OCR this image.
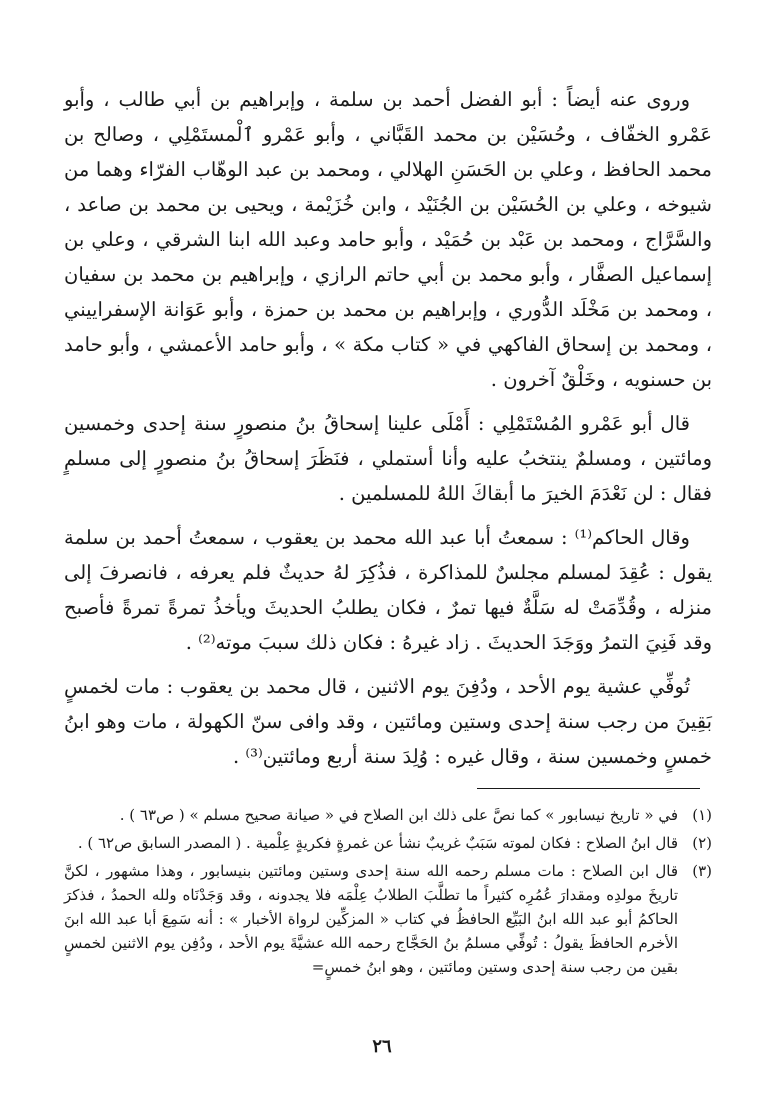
وروى عنه أيضاً : أبو الفضل أحمد بن سلمة ، وإبراهيم بن أبي طالب ، وأبو عَمْرو الخفّاف ، وحُسَيْن بن محمد القَبَّاني ، وأبو عَمْرو ٱلْمستَمْلِي ، وصالح بن محمد الحافظ ، وعلي بن الحَسَنِ الهلالي ، ومحمد بن عبد الوهّاب الفرّاء وهما من شيوخه ، وعلي بن الحُسَيْن بن الجُنَيْد ، وابن خُزَيْمة ، ويحيى بن محمد بن صاعد ، والسَّرَّاج ، ومحمد بن عَبْد بن حُمَيْد ، وأبو حامد وعبد الله ابنا الشرقي ، وعلي بن إسماعيل الصفَّار ، وأبو محمد بن أبي حاتم الرازي ، وإبراهيم بن محمد بن سفيان ، ومحمد بن مَخْلَد الدُّوري ، وإبراهيم بن محمد بن حمزة ، وأبو عَوَانة الإسفراييني ، ومحمد بن إسحاق الفاكهي في « كتاب مكة » ، وأبو حامد الأعمشي ، وأبو حامد بن حسنويه ، وخَلْقٌ آخرون .

قال أبو عَمْرو المُسْتَمْلِي : أَمْلَى علينا إسحاقُ بنُ منصورٍ سنة إحدى وخمسين ومائتين ، ومسلمٌ ينتخبُ عليه وأنا أستملي ، فنَظَرَ إسحاقُ بنُ منصورٍ إلى مسلمٍ فقال : لن نَعْدَمَ الخيرَ ما أبقاكَ اللهُ للمسلمين .

وقال الحاكم⁽¹⁾ : سمعتُ أبا عبد الله محمد بن يعقوب ، سمعتُ أحمد بن سلمة يقول : عُقِدَ لمسلم مجلسٌ للمذاكرة ، فذُكِرَ لهُ حديثٌ فلم يعرفه ، فانصرفَ إلى منزله ، وقُدِّمَتْ له سَلَّةٌ فيها تمرٌ ، فكان يطلبُ الحديثَ ويأخذُ تمرةً تمرةً فأصبح وقد فَنِيَ التمرُ ووَجَدَ الحديثَ . زاد غيرهُ : فكان ذلك سببَ موته⁽²⁾ .

تُوفِّي عشية يوم الأحد ، ودُفِنَ يوم الاثنين ، قال محمد بن يعقوب : مات لخمسٍ بَقِينَ من رجب سنة إحدى وستين ومائتين ، وقد وافى سنّ الكهولة ، مات وهو ابنُ خمسٍ وخمسين سنة ، وقال غيره : وُلِدَ سنة أربع ومائتين⁽³⁾ .

(١)
في « تاريخ نيسابور » كما نصَّ على ذلك ابن الصلاح في « صيانة صحيح مسلم » ( ص٦٣ ) .
(٢)
قال ابنُ الصلاح : فكان لموته سَبَبٌ غريبٌ نشأ عن غمرةٍ فكريةٍ عِلْمية . ( المصدر السابق ص٦٢ ) .
(٣)
قال ابن الصلاح : مات مسلم رحمه الله سنة إحدى وستين ومائتين بنيسابور ، وهذا مشهور ، لكنَّ تاريخَ مولدِه ومقدارَ عُمُرِه كثيراً ما تطلَّبَ الطلابُ عِلْمَه فلا يجدونه ، وقد وَجَدْنَاه ولله الحمدُ ، فذكرَ الحاكمُ أبو عبد الله ابنُ البَيِّع الحافظُ في كتاب « المزكِّين لرواة الأخبار » : أنه سَمِعَ أبا عبد الله ابنَ الأخرم الحافظَ يقولُ : تُوفِّي مسلمُ بنُ الحَجَّاج رحمه الله عشيَّةَ يوم الأحد ، ودُفِن يوم الاثنين لخمسٍ بقين من رجب سنة إحدى وستين ومائتين ، وهو ابنُ خمسٍ=
٢٦
